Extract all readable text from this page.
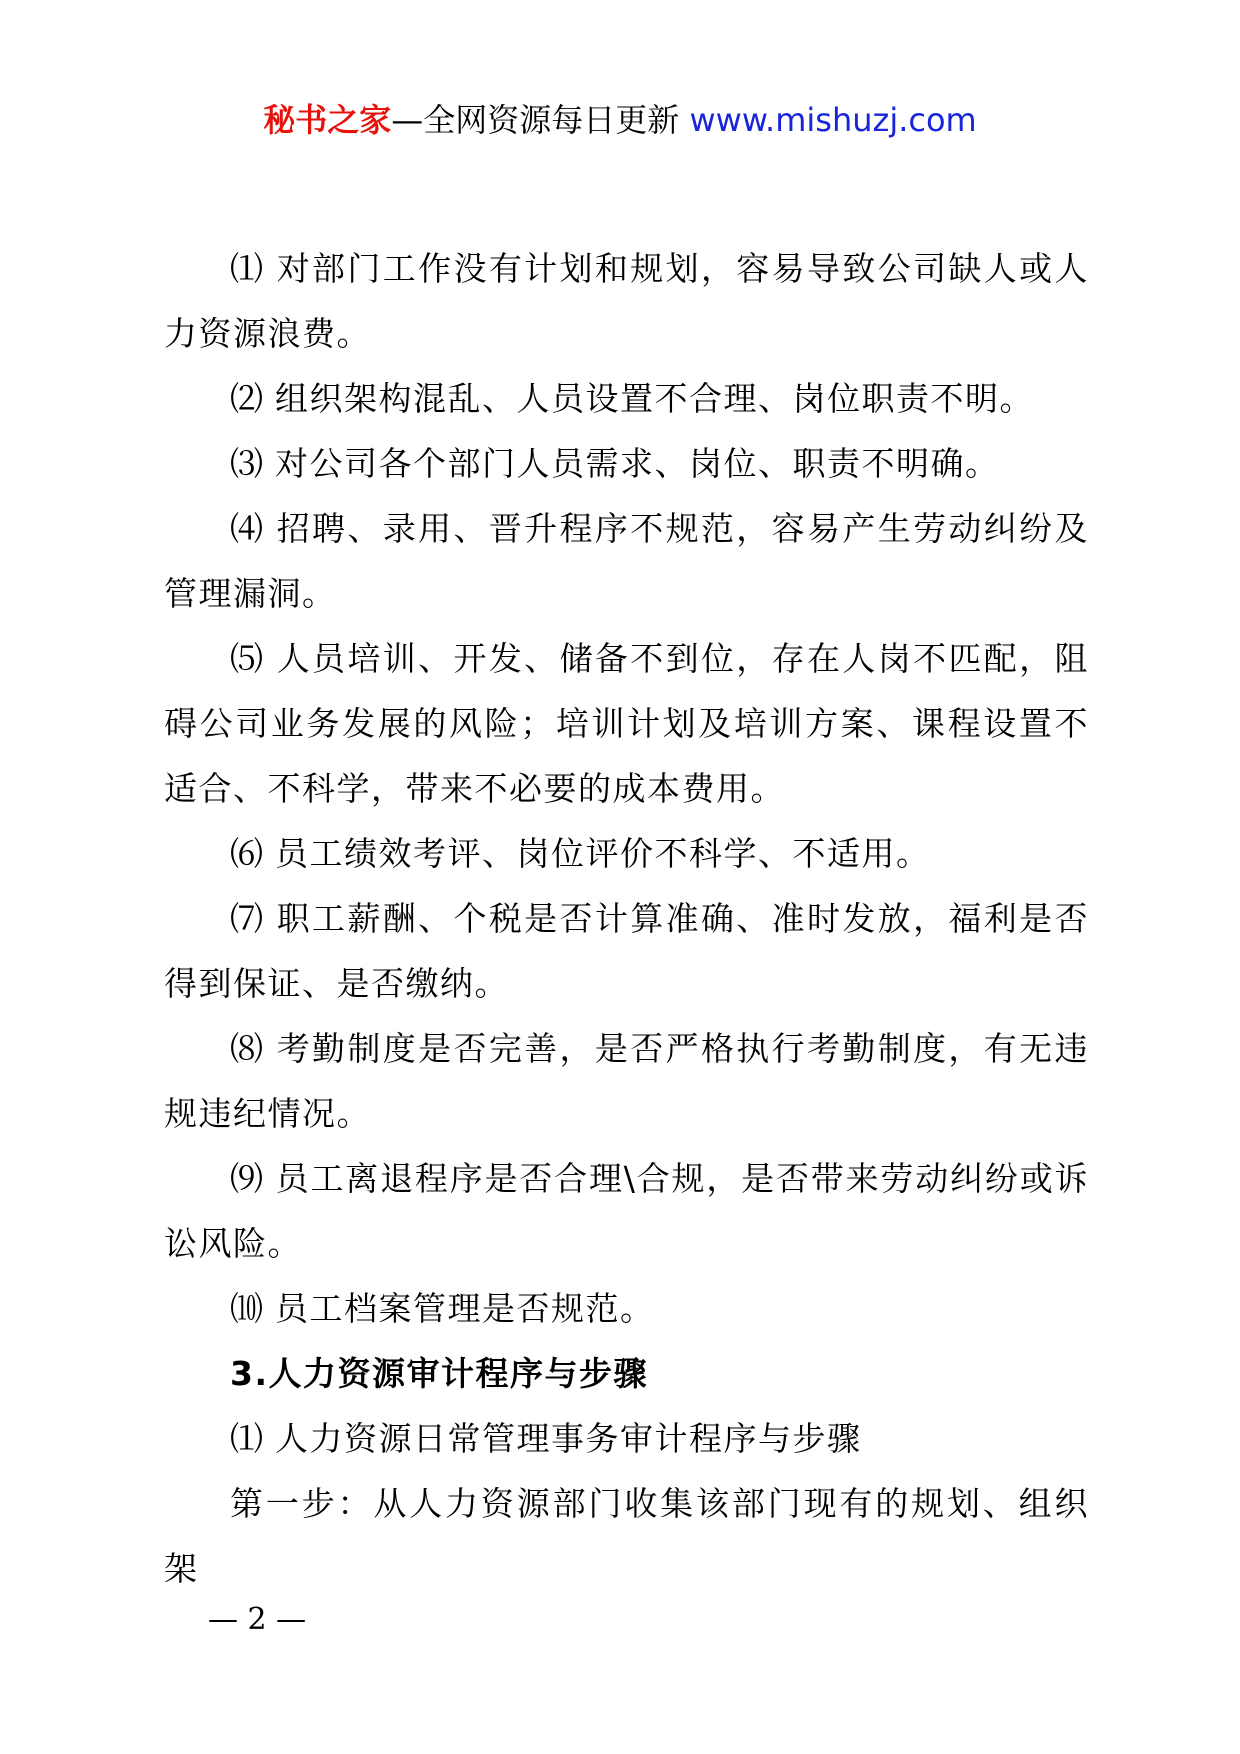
秘书之家—全网资源每日更新 www.mishuzj.com

⑴ 对部门工作没有计划和规划，容易导致公司缺人或人力资源浪费。

⑵ 组织架构混乱、人员设置不合理、岗位职责不明。

⑶ 对公司各个部门人员需求、岗位、职责不明确。

⑷ 招聘、录用、晋升程序不规范，容易产生劳动纠纷及管理漏洞。

⑸ 人员培训、开发、储备不到位，存在人岗不匹配，阻碍公司业务发展的风险；培训计划及培训方案、课程设置不适合、不科学，带来不必要的成本费用。

⑹ 员工绩效考评、岗位评价不科学、不适用。

⑺ 职工薪酬、个税是否计算准确、准时发放，福利是否得到保证、是否缴纳。

⑻ 考勤制度是否完善，是否严格执行考勤制度，有无违规违纪情况。

⑼ 员工离退程序是否合理\合规，是否带来劳动纠纷或诉讼风险。

⑽ 员工档案管理是否规范。

3.人力资源审计程序与步骤

⑴ 人力资源日常管理事务审计程序与步骤

第一步：从人力资源部门收集该部门现有的规划、组织架

— 2 —
